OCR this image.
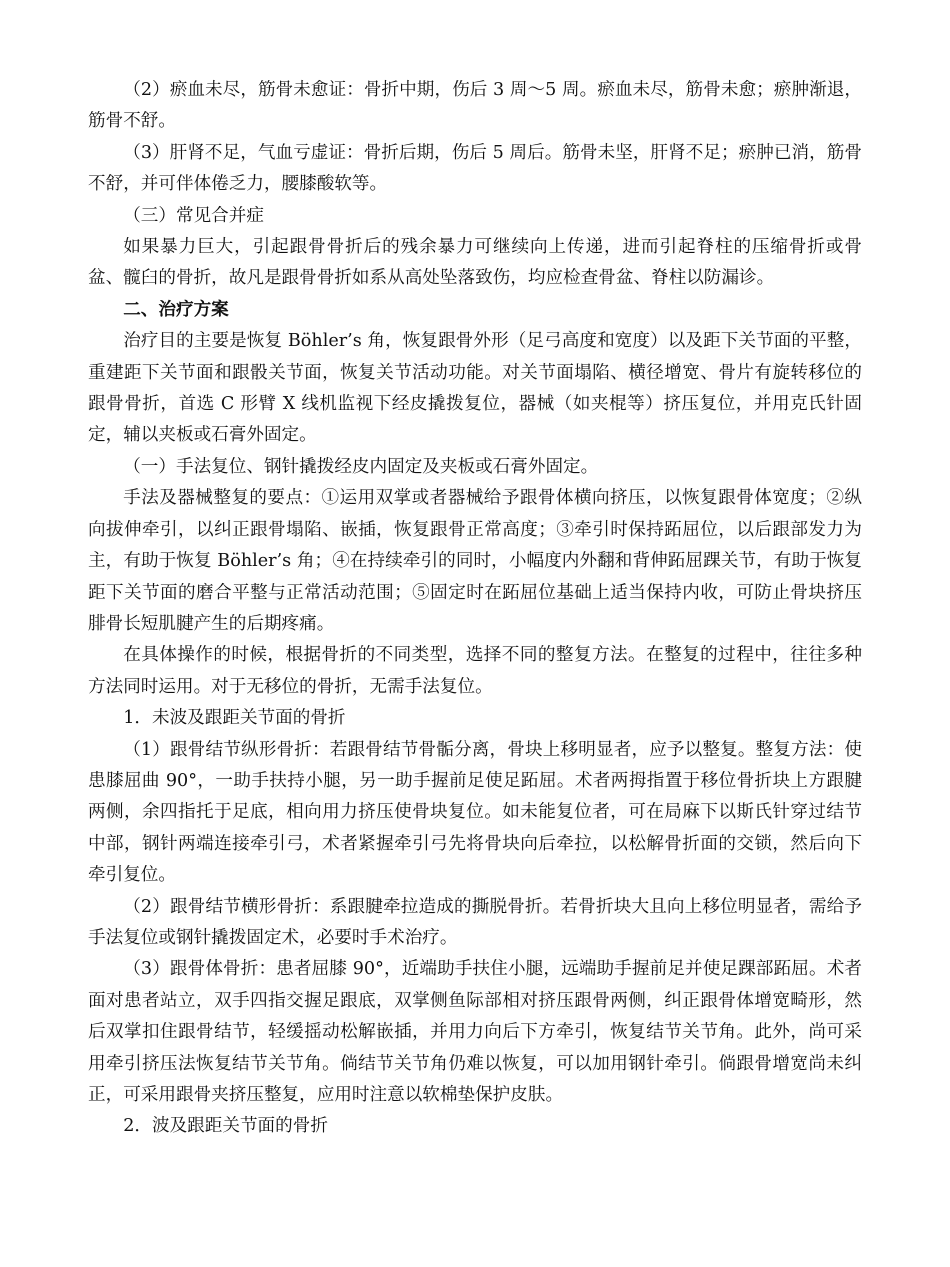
（2）瘀血未尽，筋骨未愈证：骨折中期，伤后 3 周～5 周。瘀血未尽，筋骨未愈；瘀肿渐退，筋骨不舒。

（3）肝肾不足，气血亏虚证：骨折后期，伤后 5 周后。筋骨未坚，肝肾不足；瘀肿已消，筋骨不舒，并可伴体倦乏力，腰膝酸软等。

（三）常见合并症

如果暴力巨大，引起跟骨骨折后的残余暴力可继续向上传递，进而引起脊柱的压缩骨折或骨盆、髋臼的骨折，故凡是跟骨骨折如系从高处坠落致伤，均应检查骨盆、脊柱以防漏诊。

二、治疗方案

治疗目的主要是恢复 Böhler’s 角，恢复跟骨外形（足弓高度和宽度）以及距下关节面的平整，重建距下关节面和跟骰关节面，恢复关节活动功能。对关节面塌陷、横径增宽、骨片有旋转移位的跟骨骨折，首选 C 形臂 X 线机监视下经皮撬拨复位，器械（如夹棍等）挤压复位，并用克氏针固定，辅以夹板或石膏外固定。

（一）手法复位、钢针撬拨经皮内固定及夹板或石膏外固定。

手法及器械整复的要点：①运用双掌或者器械给予跟骨体横向挤压，以恢复跟骨体宽度；②纵向拔伸牵引，以纠正跟骨塌陷、嵌插，恢复跟骨正常高度；③牵引时保持跖屈位，以后跟部发力为主，有助于恢复 Böhler’s 角；④在持续牵引的同时，小幅度内外翻和背伸跖屈踝关节，有助于恢复距下关节面的磨合平整与正常活动范围；⑤固定时在跖屈位基础上适当保持内收，可防止骨块挤压腓骨长短肌腱产生的后期疼痛。

在具体操作的时候，根据骨折的不同类型，选择不同的整复方法。在整复的过程中，往往多种方法同时运用。对于无移位的骨折，无需手法复位。

1．未波及跟距关节面的骨折

（1）跟骨结节纵形骨折：若跟骨结节骨骺分离，骨块上移明显者，应予以整复。整复方法：使患膝屈曲 90°，一助手扶持小腿，另一助手握前足使足跖屈。术者两拇指置于移位骨折块上方跟腱两侧，余四指托于足底，相向用力挤压使骨块复位。如未能复位者，可在局麻下以斯氏针穿过结节中部，钢针两端连接牵引弓，术者紧握牵引弓先将骨块向后牵拉，以松解骨折面的交锁，然后向下牵引复位。

（2）跟骨结节横形骨折：系跟腱牵拉造成的撕脱骨折。若骨折块大且向上移位明显者，需给予手法复位或钢针撬拨固定术，必要时手术治疗。

（3）跟骨体骨折：患者屈膝 90°，近端助手扶住小腿，远端助手握前足并使足踝部跖屈。术者面对患者站立，双手四指交握足跟底，双掌侧鱼际部相对挤压跟骨两侧，纠正跟骨体增宽畸形，然后双掌扣住跟骨结节，轻缓摇动松解嵌插，并用力向后下方牵引，恢复结节关节角。此外，尚可采用牵引挤压法恢复结节关节角。倘结节关节角仍难以恢复，可以加用钢针牵引。倘跟骨增宽尚未纠正，可采用跟骨夹挤压整复，应用时注意以软棉垫保护皮肤。

2．波及跟距关节面的骨折
